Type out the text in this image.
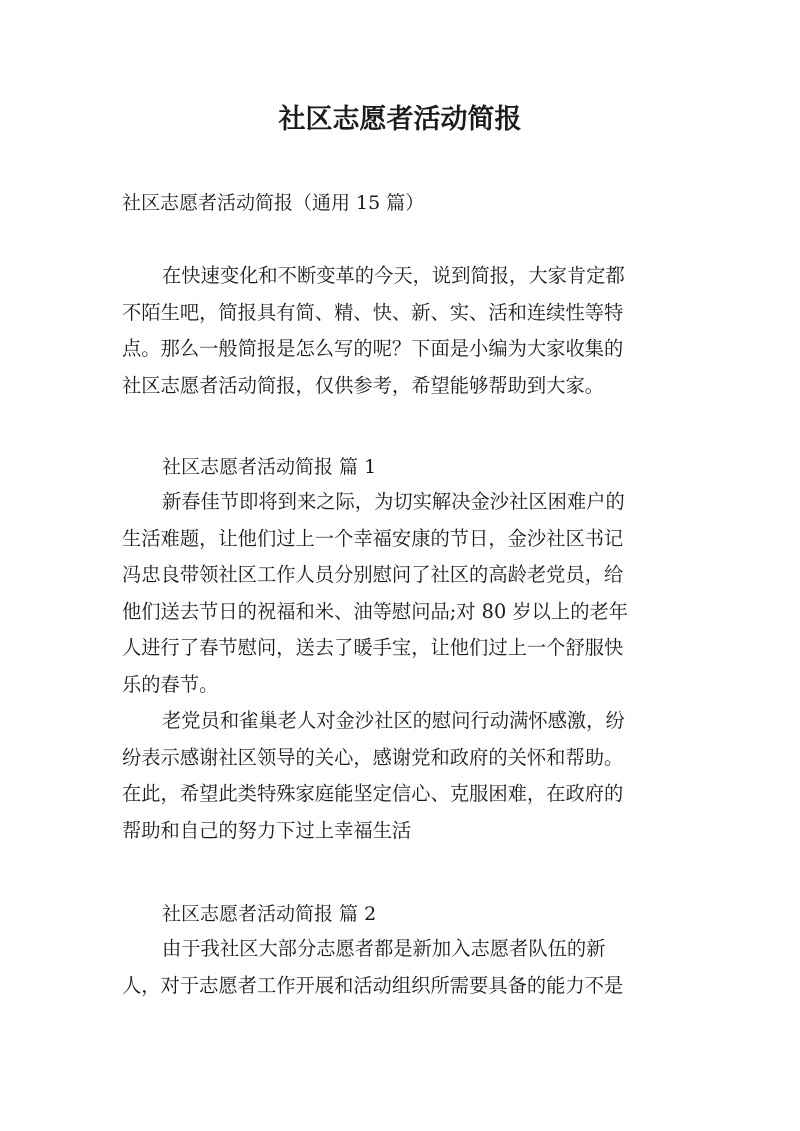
社区志愿者活动简报
社区志愿者活动简报（通用 15 篇）
在快速变化和不断变革的今天，说到简报，大家肯定都
不陌生吧，简报具有简、精、快、新、实、活和连续性等特
点。那么一般简报是怎么写的呢？下面是小编为大家收集的
社区志愿者活动简报，仅供参考，希望能够帮助到大家。
社区志愿者活动简报 篇 1
新春佳节即将到来之际，为切实解决金沙社区困难户的
生活难题，让他们过上一个幸福安康的节日，金沙社区书记
冯忠良带领社区工作人员分别慰问了社区的高龄老党员，给
他们送去节日的祝福和米、油等慰问品;对 80 岁以上的老年
人进行了春节慰问，送去了暖手宝，让他们过上一个舒服快
乐的春节。
老党员和雀巢老人对金沙社区的慰问行动满怀感激，纷
纷表示感谢社区领导的关心，感谢党和政府的关怀和帮助。
在此，希望此类特殊家庭能坚定信心、克服困难，在政府的
帮助和自己的努力下过上幸福生活
社区志愿者活动简报 篇 2
由于我社区大部分志愿者都是新加入志愿者队伍的新
人，对于志愿者工作开展和活动组织所需要具备的能力不是
